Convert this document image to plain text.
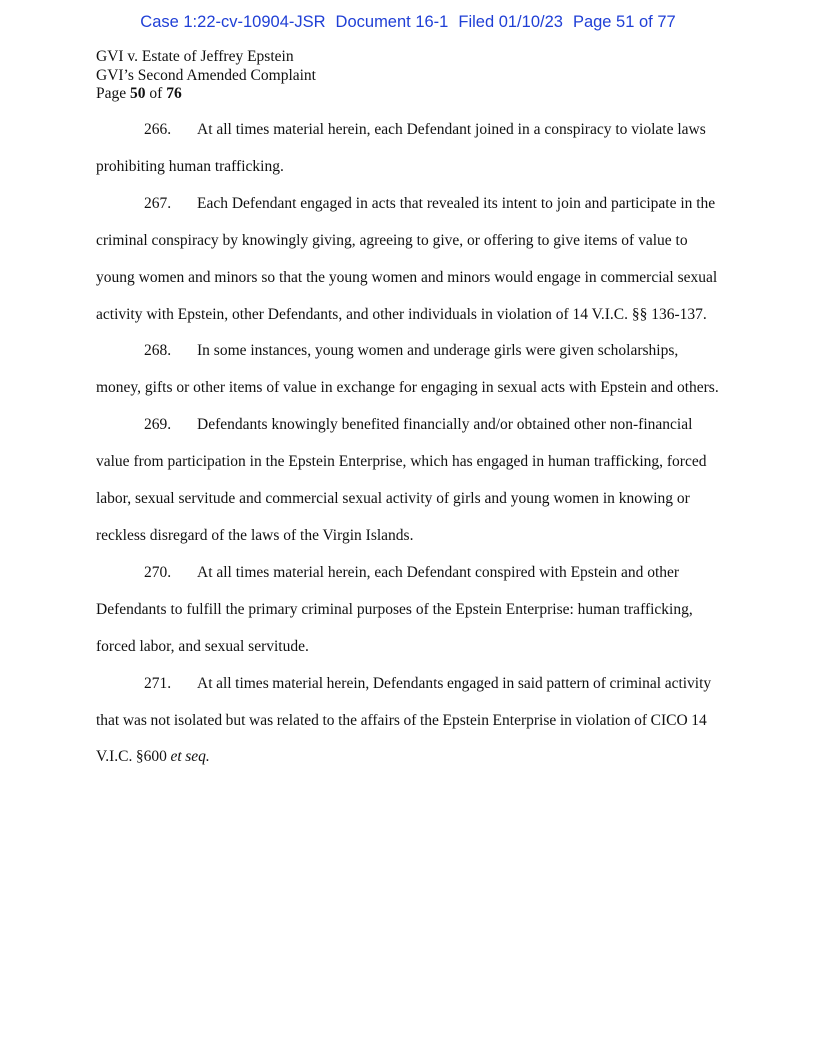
Case 1:22-cv-10904-JSR Document 16-1 Filed 01/10/23 Page 51 of 77
GVI v. Estate of Jeffrey Epstein
GVI’s Second Amended Complaint
Page 50 of 76

266. At all times material herein, each Defendant joined in a conspiracy to violate laws prohibiting human trafficking.

267. Each Defendant engaged in acts that revealed its intent to join and participate in the criminal conspiracy by knowingly giving, agreeing to give, or offering to give items of value to young women and minors so that the young women and minors would engage in commercial sexual activity with Epstein, other Defendants, and other individuals in violation of 14 V.I.C. §§ 136-137.

268. In some instances, young women and underage girls were given scholarships, money, gifts or other items of value in exchange for engaging in sexual acts with Epstein and others.

269. Defendants knowingly benefited financially and/or obtained other non-financial value from participation in the Epstein Enterprise, which has engaged in human trafficking, forced labor, sexual servitude and commercial sexual activity of girls and young women in knowing or reckless disregard of the laws of the Virgin Islands.

270. At all times material herein, each Defendant conspired with Epstein and other Defendants to fulfill the primary criminal purposes of the Epstein Enterprise: human trafficking, forced labor, and sexual servitude.

271. At all times material herein, Defendants engaged in said pattern of criminal activity that was not isolated but was related to the affairs of the Epstein Enterprise in violation of CICO 14 V.I.C. §600 et seq.
